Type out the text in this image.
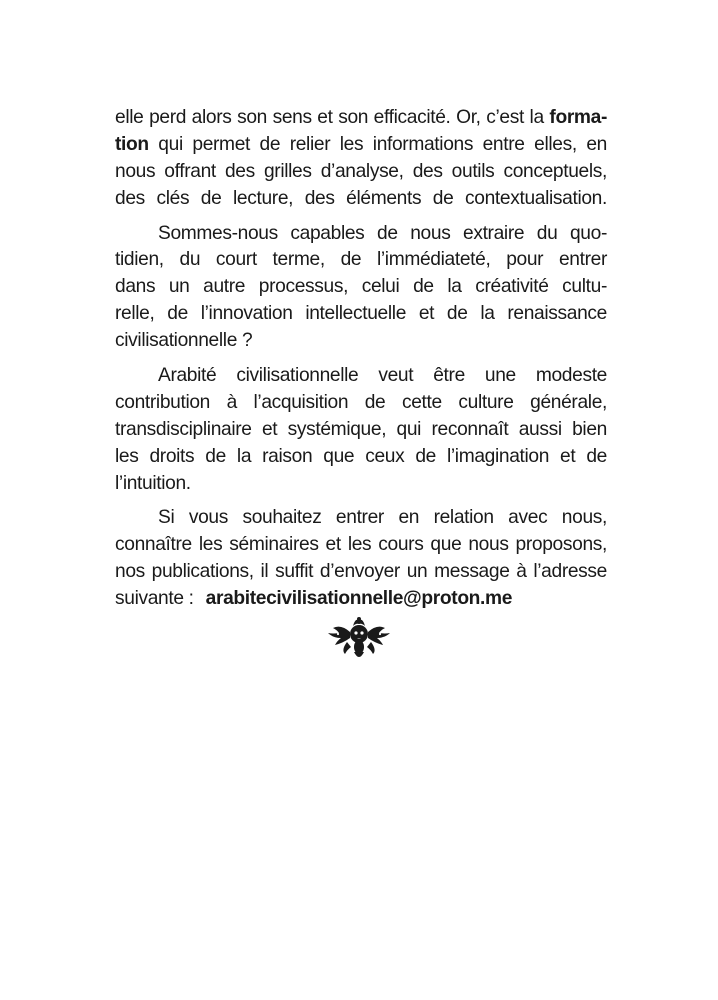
elle perd alors son sens et son efficacité. Or, c’est la forma-
tion qui permet de relier les informations entre elles, en
nous offrant des grilles d’analyse, des outils conceptuels,
des clés de lecture, des éléments de contextualisation.
Sommes-nous capables de nous extraire du quo-
tidien, du court terme, de l’immédiateté, pour entrer
dans un autre processus, celui de la créativité cultu-
relle, de l’innovation intellectuelle et de la renaissance
civilisationnelle ?
Arabité civilisationnelle veut être une modeste
contribution à l’acquisition de cette culture générale,
transdisciplinaire et systémique, qui reconnaît aussi bien
les droits de la raison que ceux de l’imagination et de
l’intuition.
Si vous souhaitez entrer en relation avec nous,
connaître les séminaires et les cours que nous proposons,
nos publications, il suffit d’envoyer un message à l’adresse
suivante : arabitecivilisationnelle@proton.me
